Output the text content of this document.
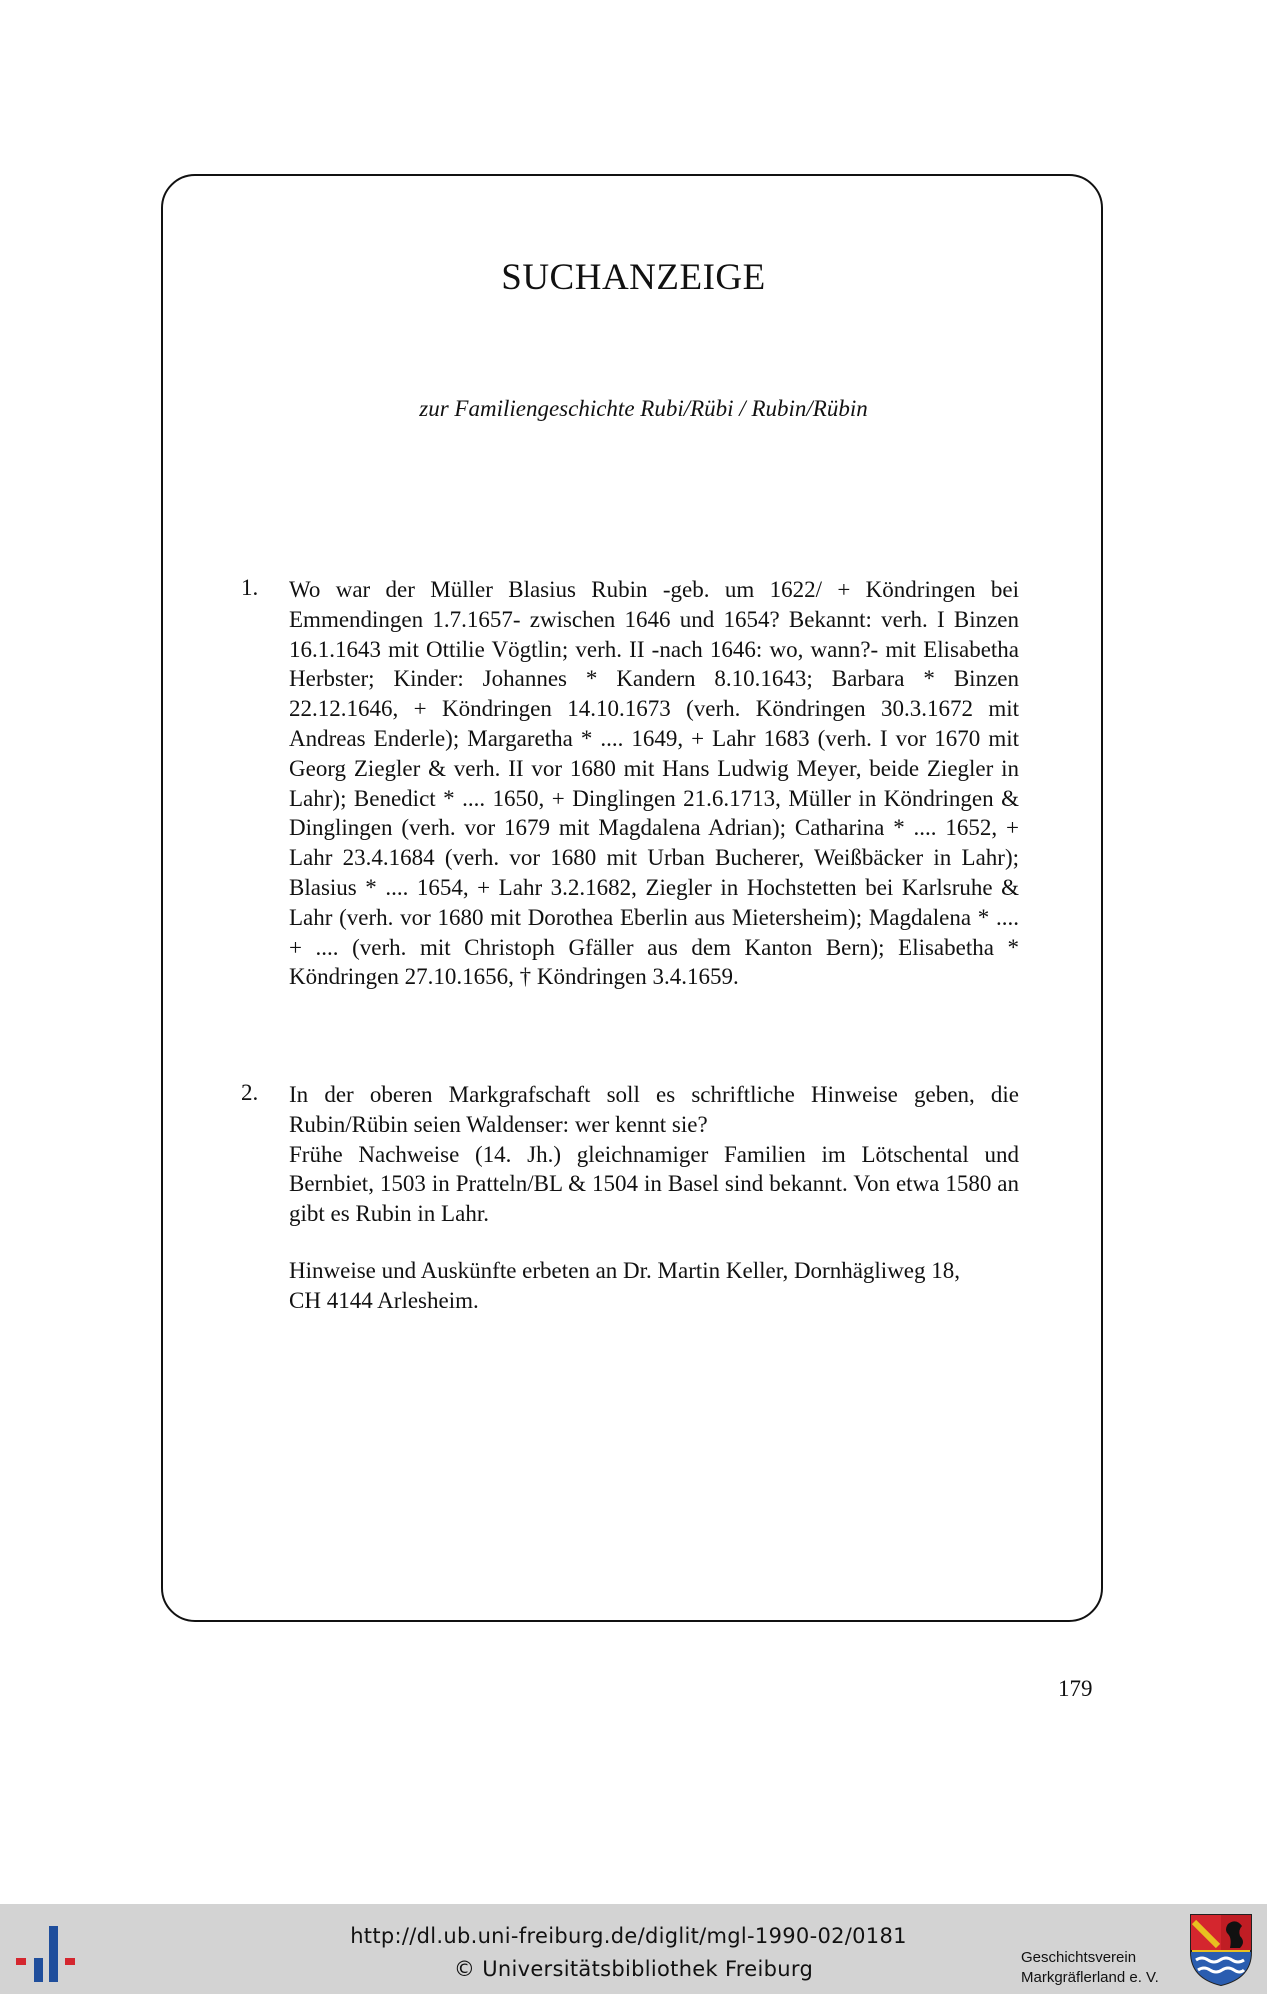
SUCHANZEIGE
zur Familiengeschichte Rubi/Rübi / Rubin/Rübin
1. Wo war der Müller Blasius Rubin -geb. um 1622/ + Köndringen bei Emmendingen 1.7.1657- zwischen 1646 und 1654? Bekannt: verh. I Binzen 16.1.1643 mit Ottilie Vögtlin; verh. II -nach 1646: wo, wann?- mit Elisabetha Herbster; Kinder: Johannes * Kandern 8.10.1643; Barbara * Binzen 22.12.1646, + Köndringen 14.10.1673 (verh. Köndringen 30.3.1672 mit Andreas Enderle); Margaretha * .... 1649, + Lahr 1683 (verh. I vor 1670 mit Georg Ziegler & verh. II vor 1680 mit Hans Ludwig Meyer, beide Ziegler in Lahr); Benedict * .... 1650, + Dinglingen 21.6.1713, Müller in Köndringen & Dinglingen (verh. vor 1679 mit Magdalena Adrian); Catharina * .... 1652, + Lahr 23.4.1684 (verh. vor 1680 mit Urban Bucherer, Weißbäcker in Lahr); Blasius * .... 1654, + Lahr 3.2.1682, Ziegler in Hochstetten bei Karlsruhe & Lahr (verh. vor 1680 mit Dorothea Eberlin aus Mietersheim); Magdalena * .... + .... (verh. mit Christoph Gfäller aus dem Kanton Bern); Elisabetha * Köndringen 27.10.1656, † Köndringen 3.4.1659.

2. In der oberen Markgrafschaft soll es schriftliche Hinweise geben, die Rubin/Rübin seien Waldenser: wer kennt sie?

Frühe Nachweise (14. Jh.) gleichnamiger Familien im Lötschental und Bernbiet, 1503 in Pratteln/BL & 1504 in Basel sind bekannt. Von etwa 1580 an gibt es Rubin in Lahr.

Hinweise und Auskünfte erbeten an Dr. Martin Keller, Dornhägliweg 18,

CH 4144 Arlesheim.

179
http://dl.ub.uni-freiburg.de/diglit/mgl-1990-02/0181
© Universitätsbibliothek Freiburg	Geschichtsverein
Markgräflerland e. V.
